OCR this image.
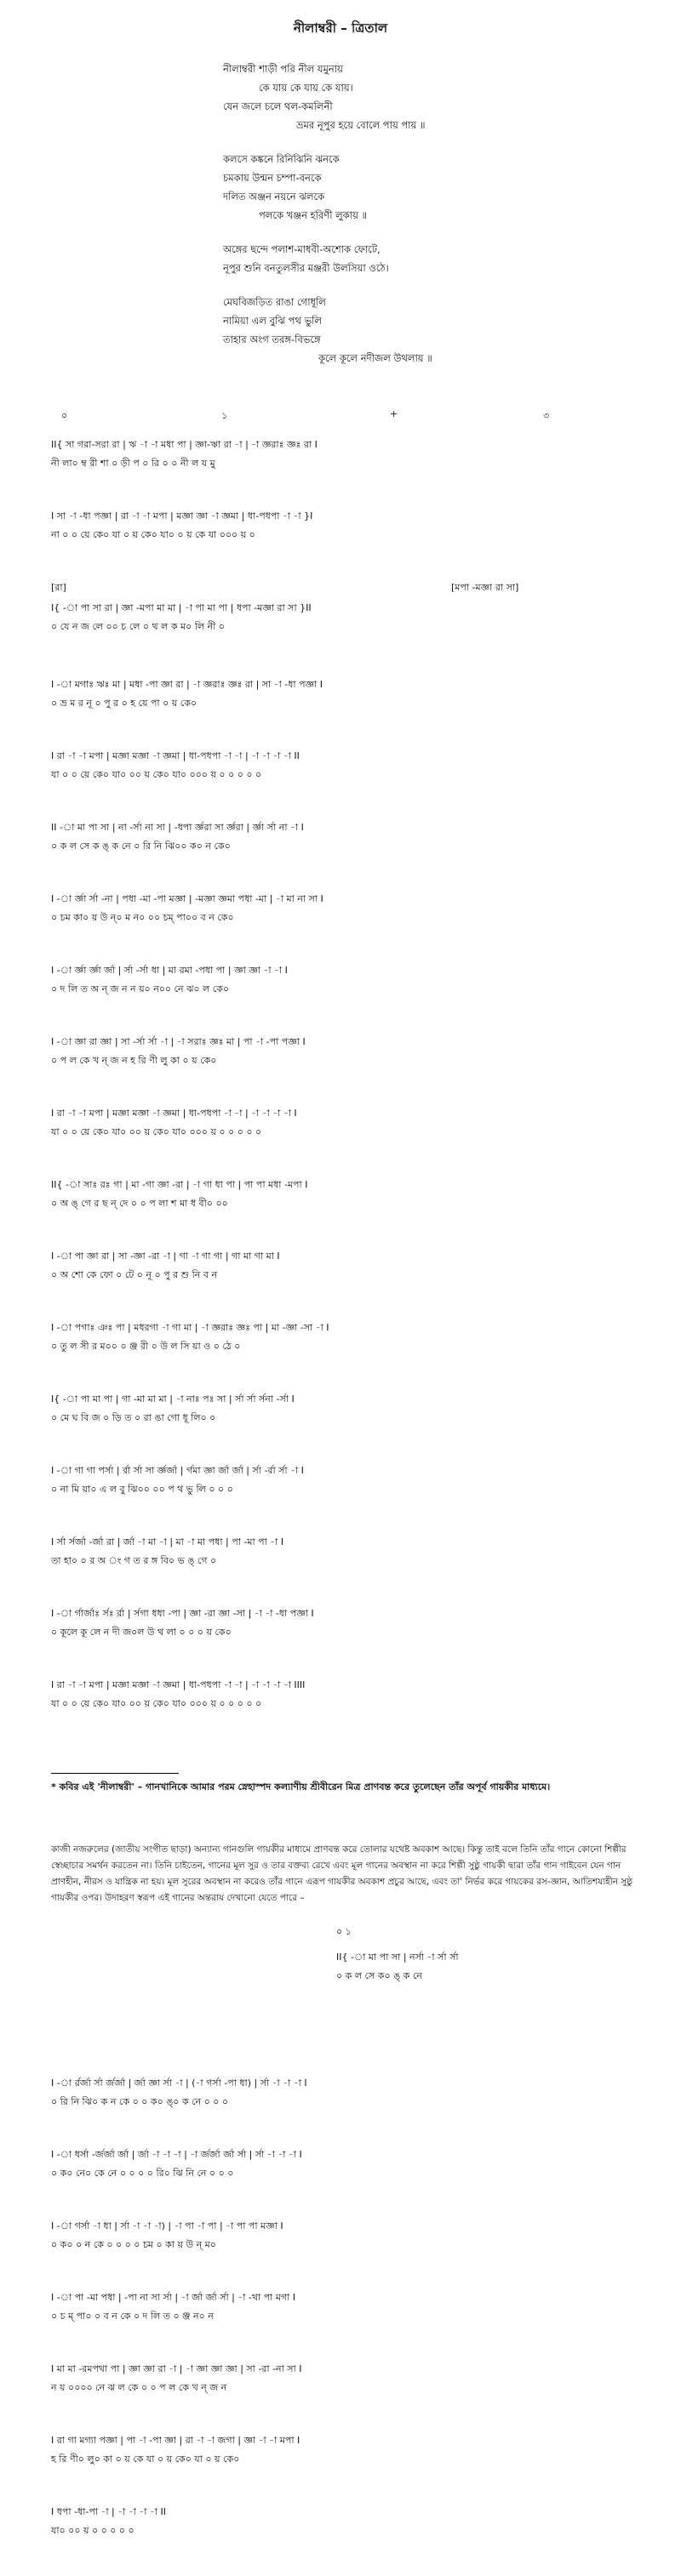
নীলাম্বরী – ত্রিতাল
নীলাম্বরী শাড়ী পরি নীল যমুনায়
কে যায় কে যায় কে যায়।
যেন জলে চলে থল-কমলিনী
ভ্রমর নূপুর হয়ে বোলে পায় পায় ॥
কলসে কঙ্কনে রিনিঝিনি ঝনকে
চমকায় উন্মন চম্পা-বনকে
দলিত অঞ্জন নয়নে ঝলকে
পলকে খঞ্জন হরিণী লুকায় ॥
অঙ্গের ছন্দে পলাশ-মাধবী-অশোক ফোটে,
নূপুর শুনি বনতুলসীর মঞ্জরী উলসিয়া ওঠে।
মেঘবিজড়িত রাঙা গোধূলি
নামিয়া এল বুঝি পথ ভুলি
তাহার অংগ তরঙ্গ-বিভঙ্গে
কূলে কূলে নদীজল উথলায় ॥
০	১	+	৩
II{ সা গরা-সরা রা | ঋ -া -া মধা পা | জ্ঞা-ঋা রা -া | -া জ্ঞরাঃ জ্ঞঃ রা I
নী লা০ ম্ব রী শা ০ ড়ী প ০ রি ০ ০ নী ল য মু
I সা -া -ধা পজ্ঞা | রা -া -া মপা | মজ্ঞা জ্ঞা -া জ্ঞমা | ধা-পধপা -া -া }I
না ০ ০ য়ে কে০ যা ০ য় কে০ যা০ ০ য় কে যা ০০০ য় ০
[রা]	[মপা -মজ্ঞা রা সা]
I{ -া পা সা রা | জ্ঞা -মপা মা মা | -া পা মা পা | ধপা -মজ্ঞা রা সা }II
০ যে ন জ লে ০০ চ লে ০ থ ল ক ম০ লি নী ০
I -া মগাঃ ঋঃ মা | মধা -পা জ্ঞা রা | -া জ্ঞরাঃ জ্ঞঃ রা | সা -া -ধা পজ্ঞা I
০ ভ্র ম র নূ ০ পু র ০ হ য়ে পা ০ য় কে০
I রা -া -া মপা | মজ্ঞা মজ্ঞা -া জ্ঞমা | ধা-পধপা -া -া | -া -া -া -া II
যা ০ ০ য়ে কে০ যা০ ০০ য় কে০ যা০ ০০০ য় ০ ০ ০ ০ ০
II -া মা পা সা | না -র্সা না সা | -ধপা র্জ্ঞরা সা র্জ্ঞরা | র্জ্ঞা র্সা না -া I
০ ক ল সে ক ঙ্ ক নে ০ রি নি ঝি০০ ক০ ন কে০
I -া র্জ্ঞা র্সা -না | পধা -মা -পা মজ্ঞা | -মজ্ঞা জ্ঞমা পধা -মা | -া মা না সা I
০ চম কা০ য় উ ন্০ ম ন০ ০০ চম্ পা০০ ব ন কে০
I -া র্জ্ঞা র্জ্ঞা র্জা | র্সা -র্সা ধা | মা রমা -পধা পা | জ্ঞা জ্ঞা -া -া I
০ দ লি ত অ ন্ জ ন ন য়০ ন০০ নে ঝ০ ল কে০
I -া জ্ঞা রা জ্ঞা | সা -র্সা র্সা -া | -া সরাঃ জ্ঞঃ মা | পা -া -পা পজ্ঞা I
০ প ল কে খ ন্ জ ন হ রি ণী লু কা ০ য় কে০
I রা -া -া মপা | মজ্ঞা মজ্ঞা -া জ্ঞমা | ধা-পধপা -া -া | -া -া -া -া I
যা ০ ০ য়ে কে০ যা০ ০০ য় কে০ যা০ ০০০ য় ০ ০ ০ ০ ০
II{ -া সাঃ রঃ গা | মা -গা জ্ঞা -রা | -া গা ধা পা | পা পা মধা -মপা I
০ অ ঙ্ গে র ছ ন্ দে ০ ০ প লা শ মা ধ বী০ ০০
I -া পা জ্ঞা রা | সা -জ্ঞা -রা -া | গা -া গা গা | গা মা গা মা I
০ অ শো কে ফো ০ টে ০ নূ ০ পু র শু নি ব ন
I -া পগাঃ ঞঃ পা | মধরগা -া গা মা | -া জ্ঞরাঃ জ্ঞঃ পা | মা -জ্ঞা -সা -া I
০ তু ল সী র ম০০ ০ ঞ্জ রী ০ উ ল সি য়া ও ০ ঠে ০
I{ -া পা মা পা | গা -মা মা মা | -া নাঃ পঃ সা | র্সা র্সা র্সনা -র্সা I
০ মে ঘ বি জ ০ ড়ি ত ০ রা ঙা গো ধূ লি০ ০
I -া গা গা পর্সা | র্রা র্সা সা র্জ্ঞর্জা | র্গমা জ্ঞা র্জা র্জা | র্সা -র্রা র্সা -া I
০ না মি য়া০ এ ল বু ঝি০০ ০০ প থ ভু লি ০ ০ ০
I র্সা র্সর্জা -র্জা রা | র্জা -া মা -া | মা -া মা পধা | পা -মা পা -া I
তা হা০ ০ র অ ং গ ত র ঙ্গ বি০ ভ ঙ্ গে ০
I -া র্গার্জাঃ র্সঃ র্রা | র্সগা ধধা -পা | জ্ঞা -রা জ্ঞা -সা | -া -া -ধা পজ্ঞা I
০ কূলে কূ লে ন দী জ০ল উ থ লা ০ ০ ০ য় কে০
I রা -া -া মপা | মজ্ঞা মজ্ঞা -া জ্ঞমা | ধা-পধপা -া -া | -া -া -া -া IIII
যা ০ ০ য়ে কে০ যা০ ০০ য় কে০ যা০ ০০০ য় ০ ০ ০ ০ ০
* কবির এই 'নীলাম্বরী' – গানখানিকে আমার পরম স্নেহাস্পদ কল্যাণীয় শ্রীবীরেন মিত্র প্রাণবন্ত করে তুলেছেন তাঁর অপূর্ব গায়কীর মাধ্যমে।
কাজী নজরুলের (জাতীয় সংগীত ছাড়া) অন্যান্য গানগুলি গায়কীর মাধ্যমে প্রাণবন্ত করে তোলার যথেষ্ট অবকাশ আছে। কিন্তু তাই বলে তিনি তাঁর গানে কোনো শিল্পীর স্বেচ্ছাচার সমর্থন করতেন না। তিনি চাইতেন, গানের মূল সুর ও তার বক্তব্য রেখে এবং মূল গানের অবস্থান না করে শিল্পী সুষ্ঠু গায়কী দ্বারা তাঁর গান গাইবেন যেন গান প্রাণহীন, নীরস ও যান্ত্রিক না হয়। মূল সুরের অবস্থান না করেও তাঁর গানে এরূপ গায়কীর অবকাশ প্রচুর আছে, এবং তা' নির্ভর করে গায়কের রস-জ্ঞান, আতিশয্যহীন সুষ্ঠু গায়কীর ওপর। উদাহরণ স্বরূপ এই গানের অন্তরায় দেখানো যেতে পারে –
০ ১
II{ -া মা পা সা | নর্সা -া র্সা র্সা
০ ক ল সে ক০ ঙ্ ক নে
I -া র্রর্জা র্সা র্জর্জা | র্জা জ্ঞা র্সা -া | (-া গর্সা -পা ধা) | র্সা -া -া -া I
০ রি নি ঝি০ ক ন কে ০ ০ ক০ ঙ্০ ক নে ০ ০ ০
I -া ধর্সা -র্জর্জা র্জা | র্জা -া -া -া | -া র্জর্জা র্জা র্সা | র্সা -া -া -া I
০ ক০ নে০ কে নে ০ ০ ০ ০ রি০ ঝি নি নে ০ ০ ০
I -া গর্সা -া ধা | র্সা -া -া -া) | -া পা -া পা | -া পা পা মজ্ঞা I
০ ক০ ০ ন কে ০ ০ ০ ০ চম ০ কা য় উ ন্ ম০
I -া পা -মা পধা | -পা না সা র্সা | -া র্জা র্জা র্সা | -া -থা পা মগা I
০ চ ম্ পা০ ০ ব ন কে ০ দ লি ত ০ ঞ্জ ন০ ন
I মা মা -রমপথা পা | জ্ঞা জ্ঞা রা -া | -া জ্ঞা জ্ঞা জ্ঞা | সা -রা -না সা I
ন য় ০০০০ নে ঝ ল কে ০ ০ প ল কে খ ন্ জ ন
I রা গা মগ্যা পজ্ঞা | পা -া -পা জ্ঞা | রা -া -া জগা | জ্ঞা -া -া মপা I
হ রি ণী০ লু০ কা ০ য় কে যা ০ য় কে০ যা ০ য় কে০
I ধপা -ধা-পা -া | -া -া -া -া II
যা০ ০০ য় ০ ০ ০ ০ ০
